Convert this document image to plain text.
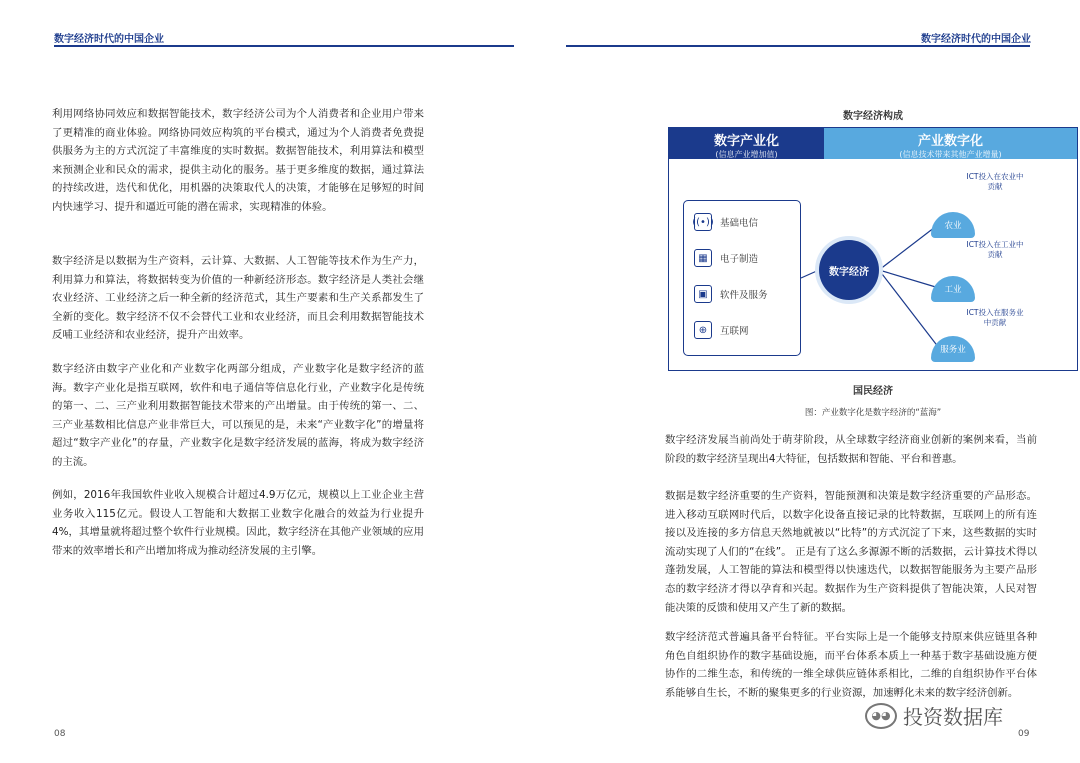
数字经济时代的中国企业	数字经济时代的中国企业

利用网络协同效应和数据智能技术，数字经济公司为个人消费者和企业用户带来了更精准的商业体验。网络协同效应构筑的平台模式，通过为个人消费者免费提供服务为主的方式沉淀了丰富维度的实时数据。数据智能技术，利用算法和模型来预测企业和民众的需求，提供主动化的服务。基于更多维度的数据，通过算法的持续改进，迭代和优化，用机器的决策取代人的决策，才能够在足够短的时间内快速学习、提升和逼近可能的潜在需求，实现精准的体验。

数字经济是以数据为生产资料，云计算、大数据、人工智能等技术作为生产力，利用算力和算法，将数据转变为价值的一种新经济形态。数字经济是人类社会继农业经济、工业经济之后一种全新的经济范式，其生产要素和生产关系都发生了全新的变化。数字经济不仅不会替代工业和农业经济，而且会利用数据智能技术反哺工业经济和农业经济，提升产出效率。

数字经济由数字产业化和产业数字化两部分组成，产业数字化是数字经济的蓝海。数字产业化是指互联网，软件和电子通信等信息化行业，产业数字化是传统的第一、二、三产业利用数据智能技术带来的产出增量。由于传统的第一、二、三产业基数相比信息产业非常巨大，可以预见的是，未来“产业数字化”的增量将超过“数字产业化”的存量，产业数字化是数字经济发展的蓝海，将成为数字经济的主流。

例如，2016年我国软件业收入规模合计超过4.9万亿元，规模以上工业企业主营业务收入115亿元。假设人工智能和大数据工业数字化融合的效益为行业提升4%，其增量就将超过整个软件行业规模。因此，数字经济在其他产业领域的应用带来的效率增长和产出增加将成为推动经济发展的主引擎。

08
数字经济构成
数字产业化
(信息产业增加值)
产业数字化
(信息技术带来其他产业增量)
((•)) 基础电信
▦	电子制造
▣	软件及服务
⊕	互联网
数字经济
农业
工业
服务业
ICT投入在农业中贡献
ICT投入在工业中贡献
ICT投入在服务业中贡献
国民经济
图：产业数字化是数字经济的“蓝海”

数字经济发展当前尚处于萌芽阶段，从全球数字经济商业创新的案例来看，当前阶段的数字经济呈现出4大特征，包括数据和智能、平台和普惠。

数据是数字经济重要的生产资料，智能预测和决策是数字经济重要的产品形态。进入移动互联网时代后，以数字化设备直接记录的比特数据，互联网上的所有连接以及连接的多方信息天然地就被以“比特”的方式沉淀了下来，这些数据的实时流动实现了人们的“在线”。 正是有了这么多源源不断的活数据，云计算技术得以蓬勃发展，人工智能的算法和模型得以快速迭代，以数据智能服务为主要产品形态的数字经济才得以孕育和兴起。数据作为生产资料提供了智能决策，人民对智能决策的反馈和使用又产生了新的数据。

数字经济范式普遍具备平台特征。平台实际上是一个能够支持原来供应链里各种角色自组织协作的数字基础设施，而平台体系本质上一种基于数字基础设施方便协作的二维生态，和传统的一维全球供应链体系相比，二维的自组织协作平台体系能够自生长，不断的聚集更多的行业资源，加速孵化未来的数字经济创新。

09
◕◕ 投资数据库
